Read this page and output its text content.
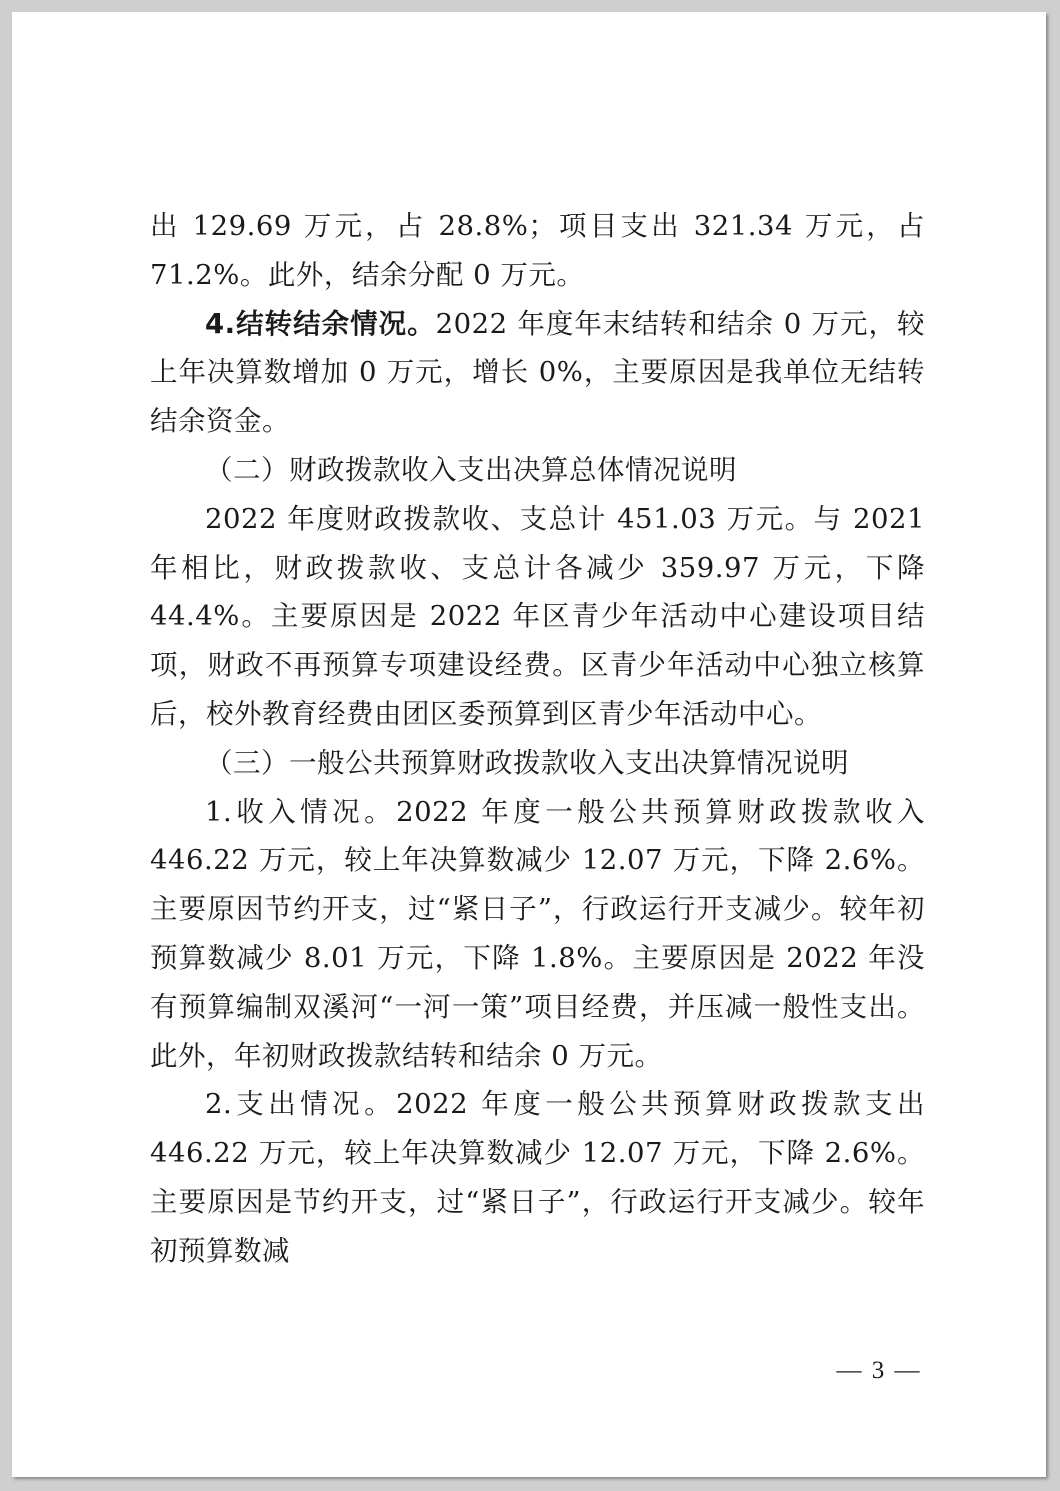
出 129.69 万元，占 28.8%；项目支出 321.34 万元，占 71.2%。此外，结余分配 0 万元。

4.结转结余情况。2022 年度年末结转和结余 0 万元，较上年决算数增加 0 万元，增长 0%，主要原因是我单位无结转结余资金。

（二）财政拨款收入支出决算总体情况说明

2022 年度财政拨款收、支总计 451.03 万元。与 2021 年相比，财政拨款收、支总计各减少 359.97 万元，下降 44.4%。主要原因是 2022 年区青少年活动中心建设项目结项，财政不再预算专项建设经费。区青少年活动中心独立核算后，校外教育经费由团区委预算到区青少年活动中心。

（三）一般公共预算财政拨款收入支出决算情况说明

1.收入情况。2022 年度一般公共预算财政拨款收入 446.22 万元，较上年决算数减少 12.07 万元，下降 2.6%。主要原因节约开支，过“紧日子”，行政运行开支减少。较年初预算数减少 8.01 万元，下降 1.8%。主要原因是 2022 年没有预算编制双溪河“一河一策”项目经费，并压减一般性支出。此外，年初财政拨款结转和结余 0 万元。

2.支出情况。2022 年度一般公共预算财政拨款支出 446.22 万元，较上年决算数减少 12.07 万元，下降 2.6%。主要原因是节约开支，过“紧日子”，行政运行开支减少。较年初预算数减

— 3 —
